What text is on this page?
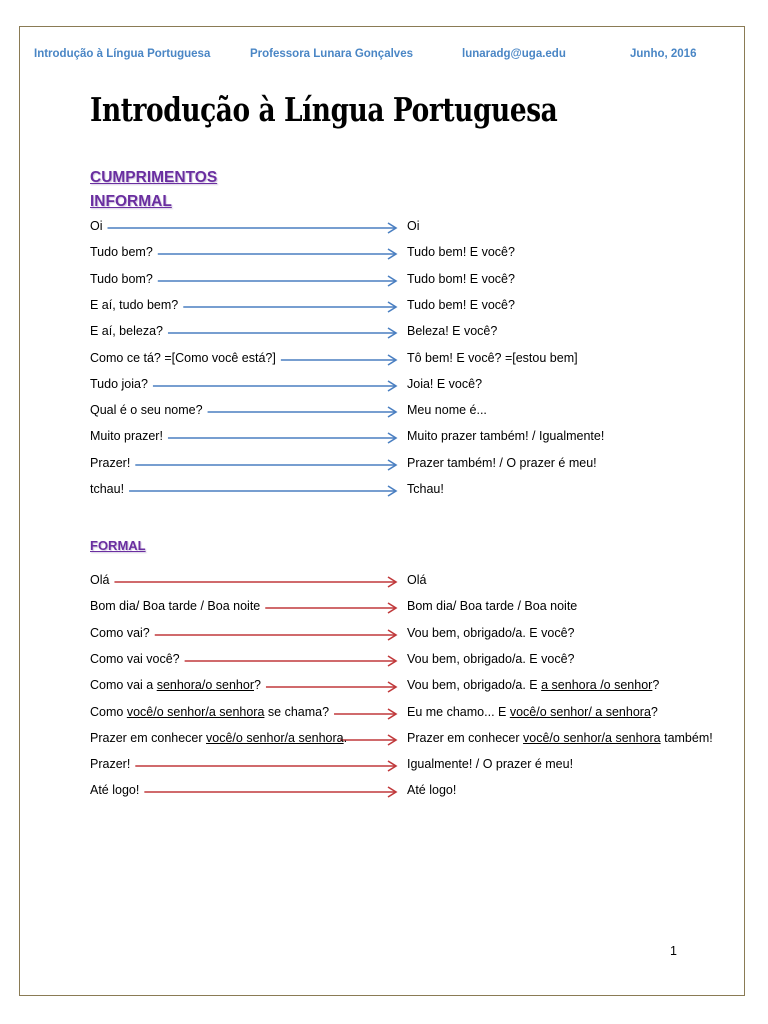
Introdução à Língua Portuguesa	Professora Lunara Gonçalves	lunaradg@uga.edu	Junho, 2016
Introdução à Língua Portuguesa
CUMPRIMENTOS
INFORMAL
FORMAL
Oi	Oi
Tudo bem?	Tudo bem! E você?
Tudo bom?	Tudo bom! E você?
E aí, tudo bem?	Tudo bem! E você?
E aí, beleza?	Beleza! E você?
Como ce tá? =[Como você está?]	Tô bem! E você? =[estou bem]
Tudo joia?	Joia! E você?
Qual é o seu nome?	Meu nome é...
Muito prazer!	Muito prazer também! / Igualmente!
Prazer!	Prazer também! / O prazer é meu!
tchau!	Tchau!
Olá	Olá
Bom dia/ Boa tarde / Boa noite	Bom dia/ Boa tarde / Boa noite
Como vai?	Vou bem, obrigado/a. E você?
Como vai você?	Vou bem, obrigado/a. E você?
Como vai a senhora/o senhor?	Vou bem, obrigado/a. E a senhora /o senhor?
Como você/o senhor/a senhora se chama?	Eu me chamo... E você/o senhor/ a senhora?
Prazer em conhecer você/o senhor/a senhora.	Prazer em conhecer você/o senhor/a senhora também!
Prazer!	Igualmente! / O prazer é meu!
Até logo!	Até logo!
1
